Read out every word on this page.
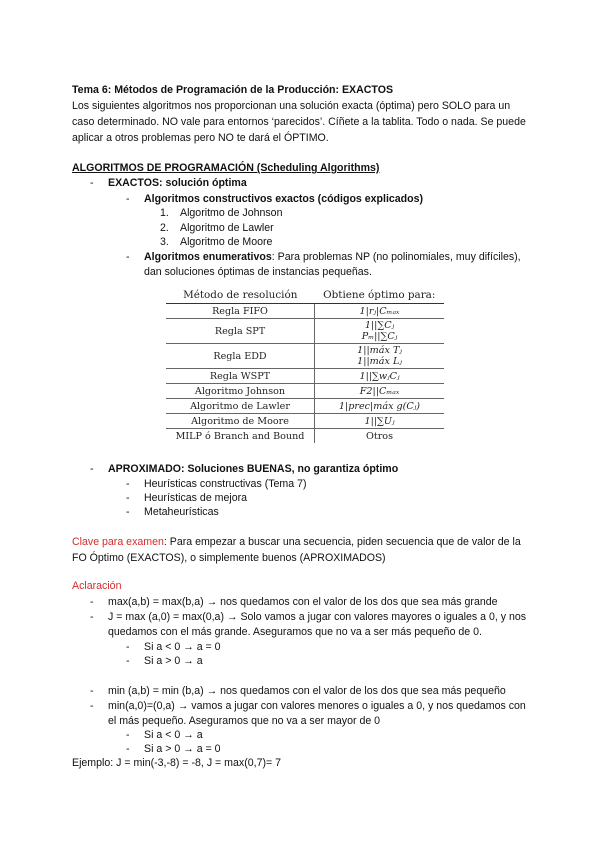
Tema 6: Métodos de Programación de la Producción: EXACTOS
Los siguientes algoritmos nos proporcionan una solución exacta (óptima) pero SOLO para un caso determinado. NO vale para entornos ‘parecidos’. Cíñete a la tablita. Todo o nada. Se puede aplicar a otros problemas pero NO te dará el ÓPTIMO.
ALGORITMOS DE PROGRAMACIÓN (Scheduling Algorithms)
- EXACTOS: solución óptima
- Algoritmos constructivos exactos (códigos explicados)
1. Algoritmo de Johnson
2. Algoritmo de Lawler
3. Algoritmo de Moore
- Algoritmos enumerativos: Para problemas NP (no polinomiales, muy difíciles), dan soluciones óptimas de instancias pequeñas.
Método de resolución	Obtiene óptimo para:
Regla FIFO	1|rⱼ|Cₘₐₓ
Regla SPT	1||∑Cⱼ
Pₘ||∑Cⱼ

Regla EDD	1||máx Tⱼ
1||máx Lⱼ

Regla WSPT	1||∑wⱼCⱼ
Algoritmo Johnson	F2||Cₘₐₓ
Algoritmo de Lawler	1|prec|máx g(Cⱼ)
Algoritmo de Moore	1||∑Uⱼ
MILP ó Branch and Bound	Otros
- APROXIMADO: Soluciones BUENAS, no garantiza óptimo
- Heurísticas constructivas (Tema 7)
- Heurísticas de mejora
- Metaheurísticas
Clave para examen: Para empezar a buscar una secuencia, piden secuencia que de valor de la FO Óptimo (EXACTOS), o simplemente buenos (APROXIMADOS)
Aclaración
- max(a,b) = max(b,a) → nos quedamos con el valor de los dos que sea más grande
- J = max (a,0) = max(0,a) → Solo vamos a jugar con valores mayores o iguales a 0, y nos quedamos con el más grande. Aseguramos que no va a ser más pequeño de 0.
- Si a < 0 → a = 0
- Si a > 0 → a
- min (a,b) = min (b,a) → nos quedamos con el valor de los dos que sea más pequeño
- min(a,0)=(0,a) → vamos a jugar con valores menores o iguales a 0, y nos quedamos con el más pequeño. Aseguramos que no va a ser mayor de 0
- Si a < 0 → a
- Si a > 0 → a = 0
Ejemplo: J = min(-3,-8) = -8, J = max(0,7)= 7
